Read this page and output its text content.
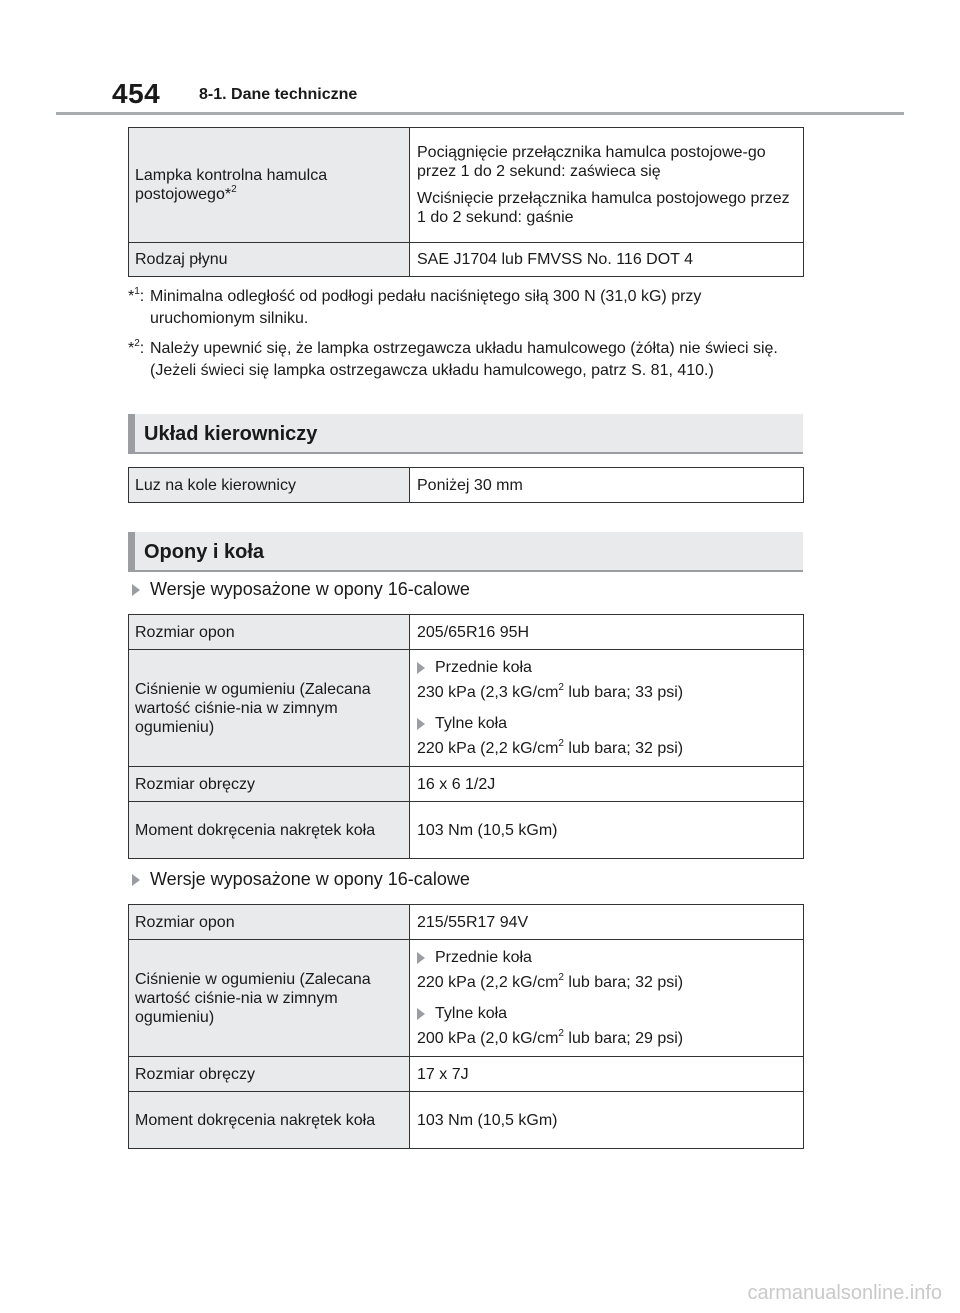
454 8-1. Dane techniczne
Lampka kontrolna hamulca postojowego*$^2$	Pociągnięcie przełącznika hamulca postojowe-go przez 1 do 2 sekund: zaświeca się

Wciśnięcie przełącznika hamulca postojowego przez 1 do 2 sekund: gaśnie

Rodzaj płynu	SAE J1704 lub FMVSS No. 116 DOT 4
*$^1$: Minimalna odległość od podłogi pedału naciśniętego siłą 300 N (31,0 kG) przy uruchomionym silniku.
*$^2$: Należy upewnić się, że lampka ostrzegawcza układu hamulcowego (żółta) nie świeci się. (Jeżeli świeci się lampka ostrzegawcza układu hamulcowego, patrz S. 81, 410.)
Układ kierowniczy
Luz na kole kierownicy	Poniżej 30 mm
Opony i koła
Wersje wyposażone w opony 16-calowe
Rozmiar opon	205/65R16 95H
Ciśnienie w ogumieniu (Zalecana wartość ciśnie-nia w zimnym ogumieniu)	Przednie koła
230 kPa (2,3 $kG/cm^2$ lub bara; 33 psi)
Tylne koła
220 kPa (2,2 $kG/cm^2$ lub bara; 32 psi)

Rozmiar obręczy	16 x 6 1/2J
Moment dokręcenia nakrętek koła	103 Nm (10,5 kGm)
Wersje wyposażone w opony 16-calowe
Rozmiar opon	215/55R17 94V
Ciśnienie w ogumieniu (Zalecana wartość ciśnie-nia w zimnym ogumieniu)	Przednie koła
220 kPa (2,2 $kG/cm^2$ lub bara; 32 psi)
Tylne koła
200 kPa (2,0 $kG/cm^2$ lub bara; 29 psi)

Rozmiar obręczy	17 x 7J
Moment dokręcenia nakrętek koła	103 Nm (10,5 kGm)
carmanualsonline.info
